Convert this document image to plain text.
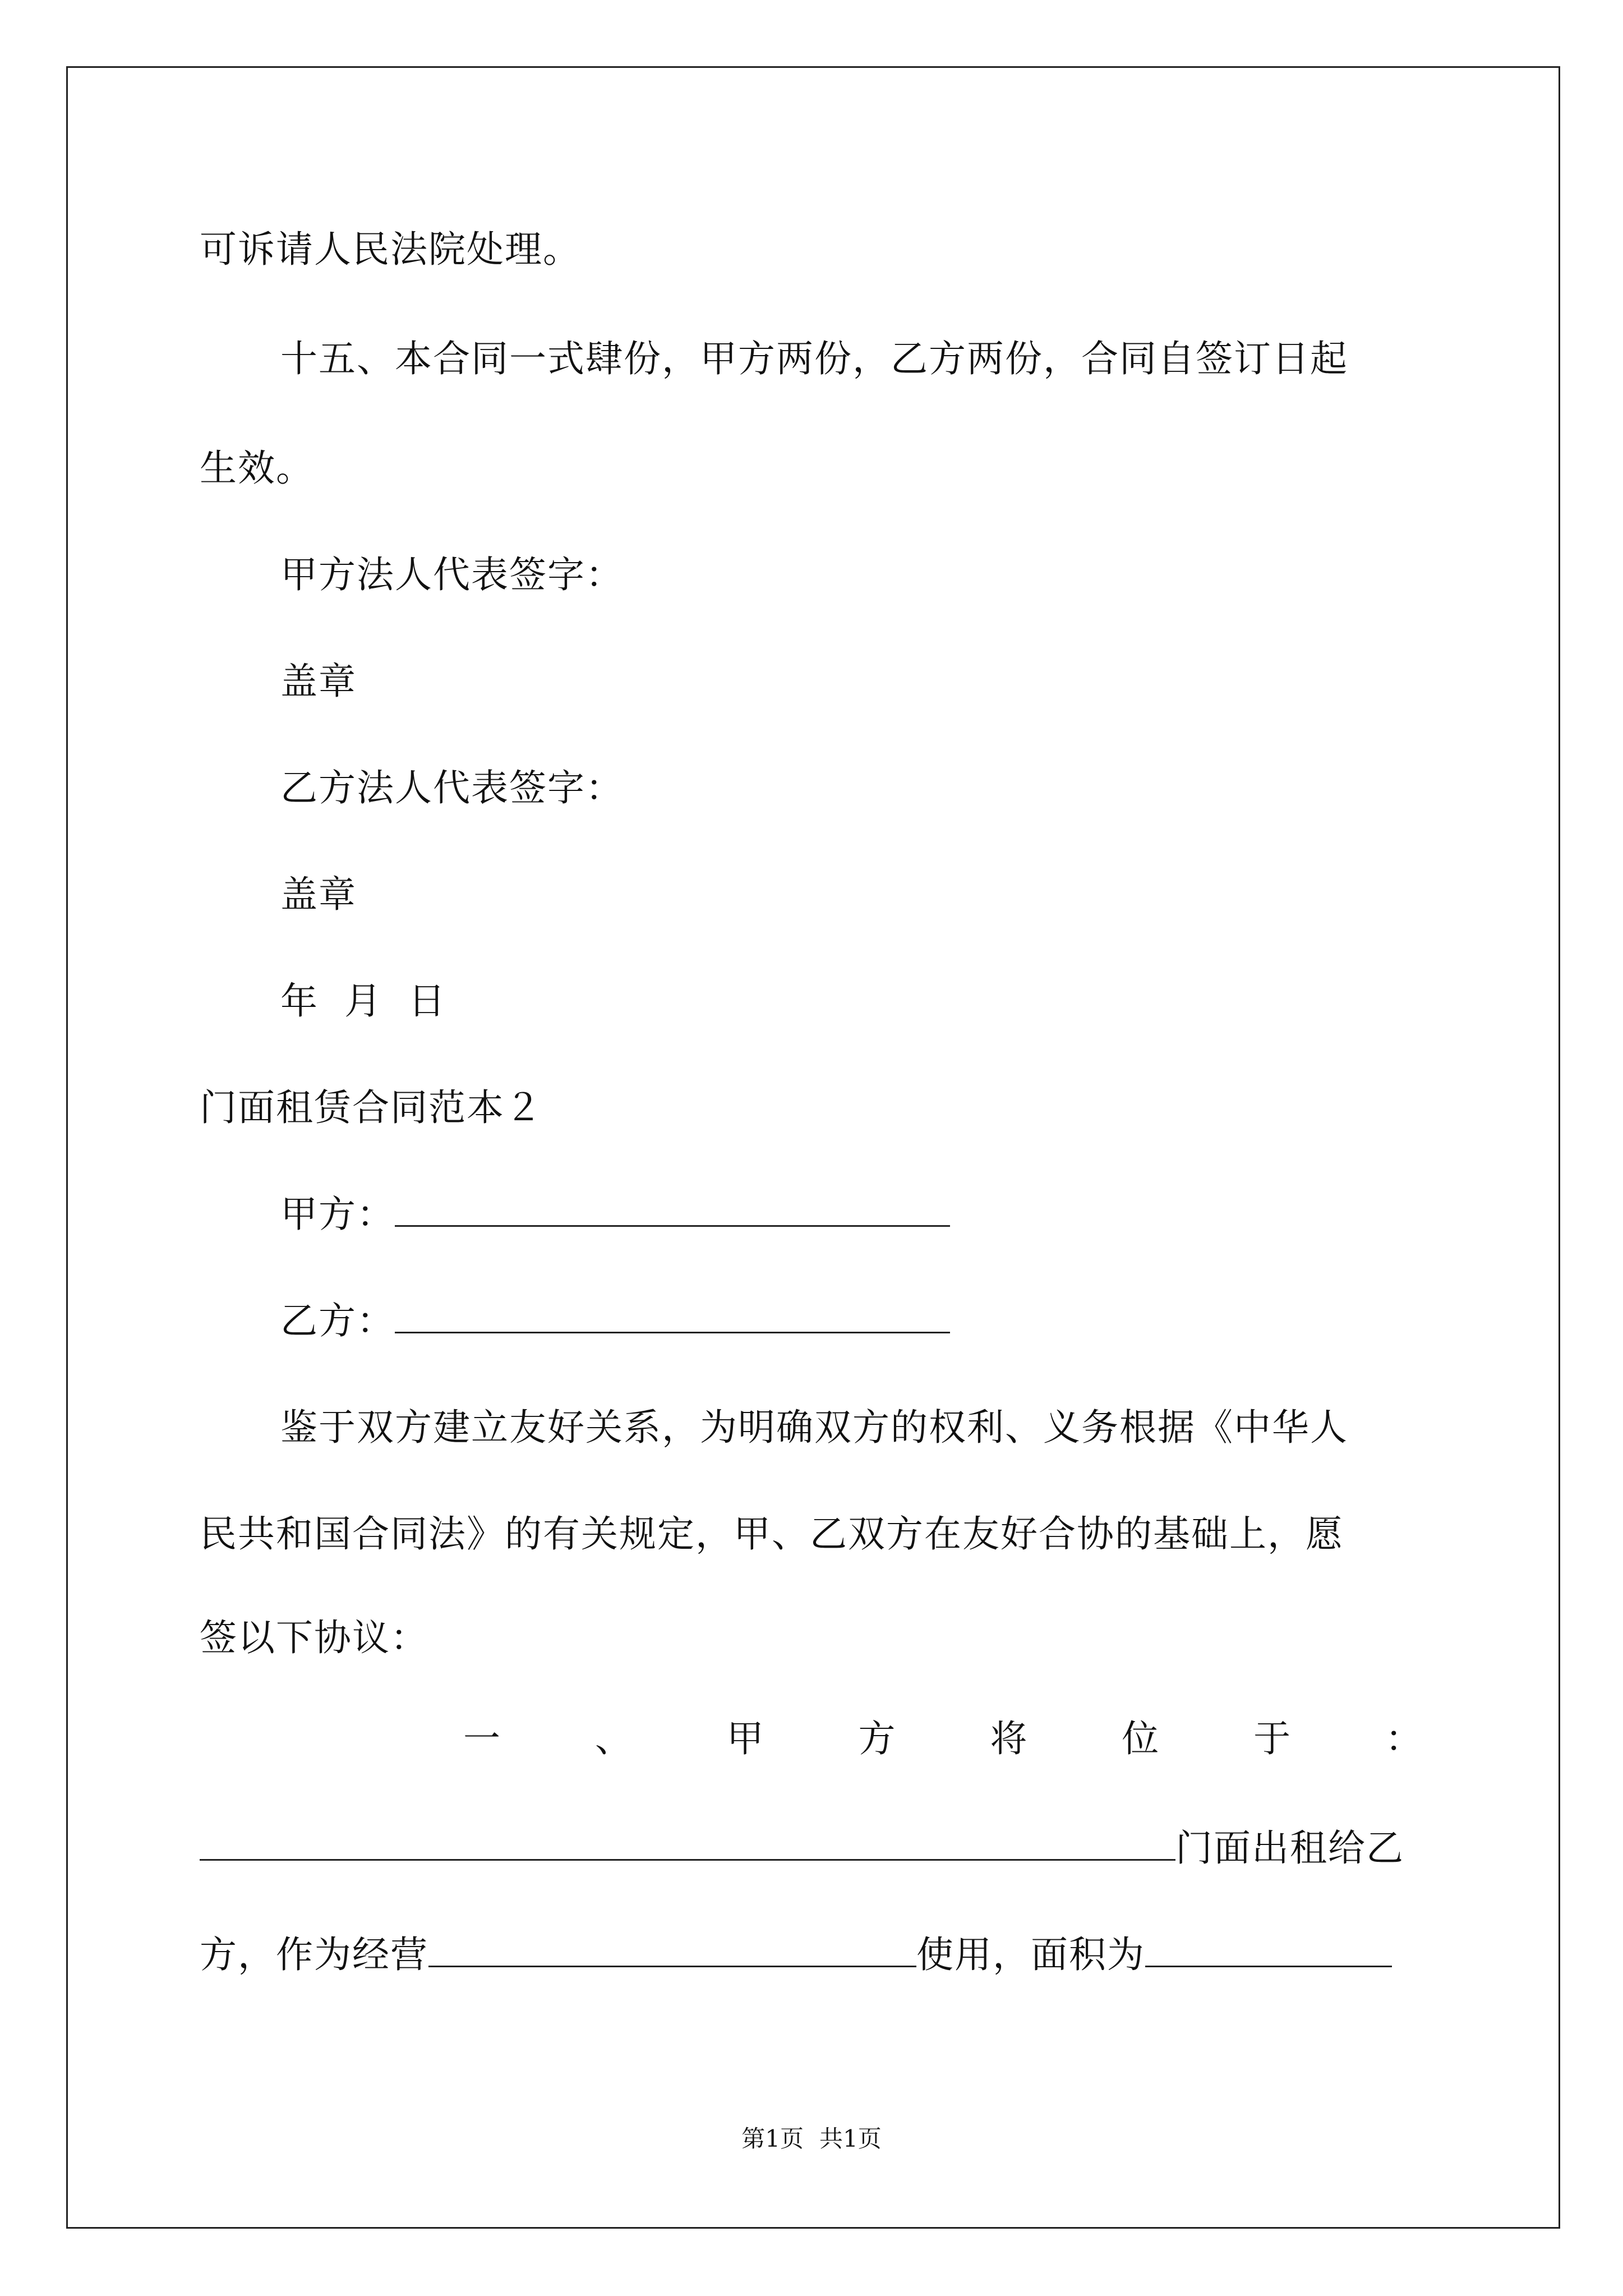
可诉请人民法院处理。
十五、本合同一式肆份，甲方两份，乙方两份，合同自签订日起
生效。
甲方法人代表签字：
盖章
乙方法人代表签字：
盖章
年  月  日
门面租赁合同范本２
甲方：
乙方：
鉴于双方建立友好关系，为明确双方的权利、义务根据《中华人
民共和国合同法》的有关规定，甲、乙双方在友好合协的基础上，愿
签以下协议：
一	、	甲	方	将	位	于	：
门面出租给乙
方，作为经营	使用，面积为
第1页 共1页
